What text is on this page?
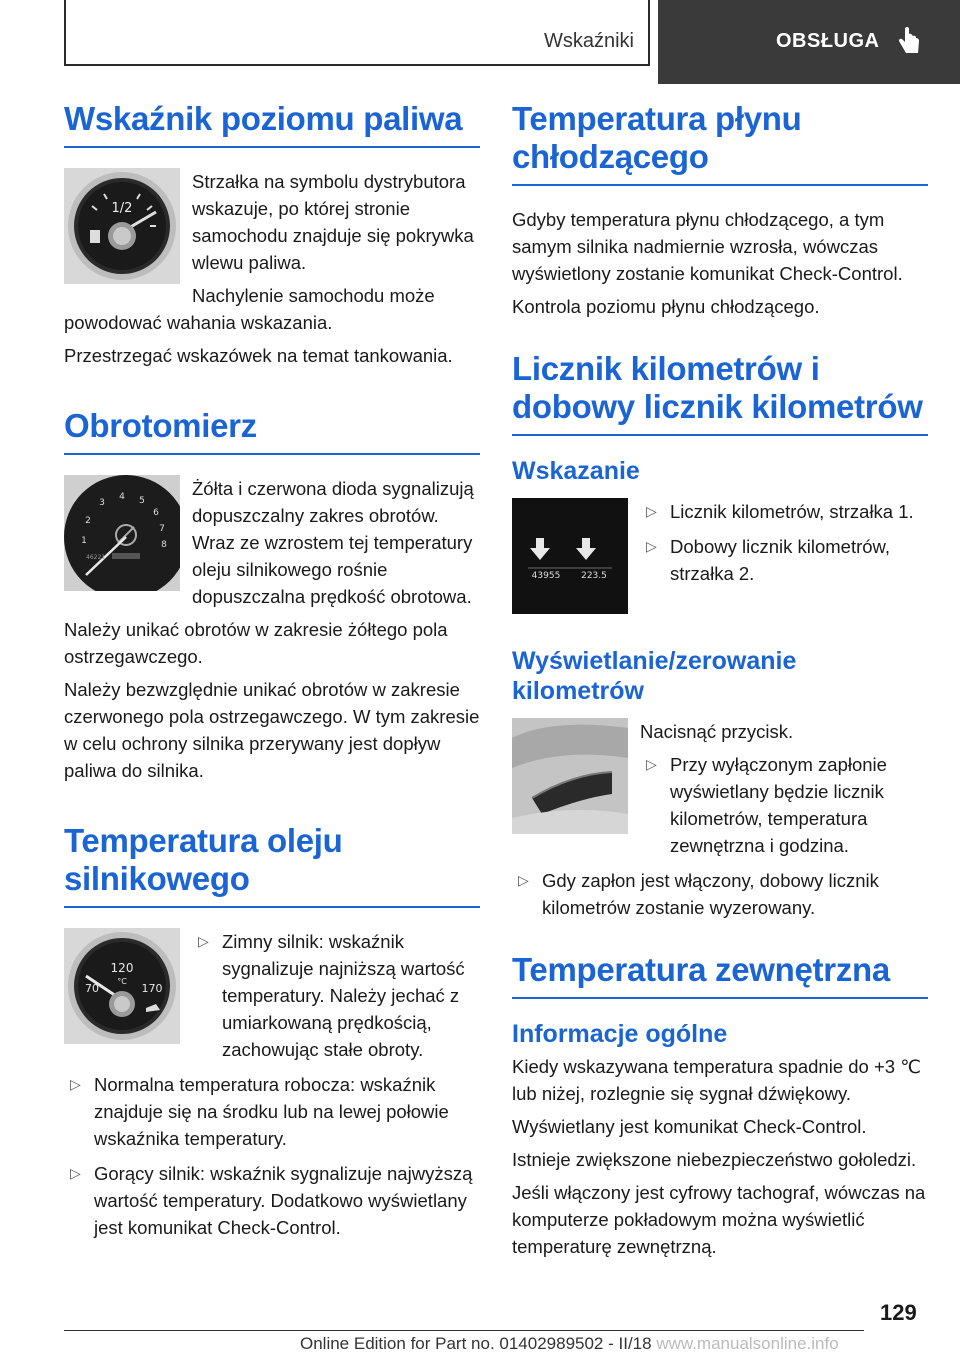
Wskaźniki	OBSŁUGA
Wskaźnik poziomu paliwa
1/2

Strzałka na symbolu dystrybutora wskazuje, po której stronie samochodu znajduje się pokrywka wlewu paliwa.

Nachylenie samochodu może powodować wahania wskazania.

Przestrzegać wskazówek na temat tankowania.

Obrotomierz
1
2
3
4 5
6
7
8
46221

Żółta i czerwona dioda sygnalizują dopuszczalny zakres obrotów. Wraz ze wzrostem tej temperatury oleju silnikowego rośnie dopuszczalna prędkość obrotowa.

Należy unikać obrotów w zakresie żółtego pola ostrzegawczego.

Należy bezwzględnie unikać obrotów w zakresie czerwonego pola ostrzegawczego. W tym zakresie w celu ochrony silnika przerywany jest dopływ paliwa do silnika.

Temperatura oleju silnikowego
120
°C
70	170
▷ Zimny silnik: wskaźnik sygnalizuje najniższą wartość temperatury. Należy jechać z umiarkowaną prędkością, zachowując stałe obroty.
▷ Normalna temperatura robocza: wskaźnik znajduje się na środku lub na lewej połowie wskaźnika temperatury.
▷ Gorący silnik: wskaźnik sygnalizuje najwyższą wartość temperatury. Dodatkowo wyświetlany jest komunikat Check-Control.
Temperatura płynu chłodzącego

Gdyby temperatura płynu chłodzącego, a tym samym silnika nadmiernie wzrosła, wówczas wyświetlony zostanie komunikat Check-Control.

Kontrola poziomu płynu chłodzącego.

Licznik kilometrów i dobowy licznik kilometrów
Wskazanie
1	2
43955 223.5
▷ Licznik kilometrów, strzałka 1.
▷ Dobowy licznik kilometrów, strzałka 2.
Wyświetlanie/zerowanie kilometrów

Nacisnąć przycisk.

▷ Przy wyłączonym zapłonie wyświetlany będzie licznik kilometrów, temperatura zewnętrzna i godzina.
▷ Gdy zapłon jest włączony, dobowy licznik kilometrów zostanie wyzerowany.
Temperatura zewnętrzna
Informacje ogólne

Kiedy wskazywana temperatura spadnie do +3 ℃ lub niżej, rozlegnie się sygnał dźwiękowy.

Wyświetlany jest komunikat Check-Control.

Istnieje zwiększone niebezpieczeństwo gołoledzi.

Jeśli włączony jest cyfrowy tachograf, wówczas na komputerze pokładowym można wyświetlić temperaturę zewnętrzną.

129
Online Edition for Part no. 01402989502 - II/18 www.manualsonline.info
